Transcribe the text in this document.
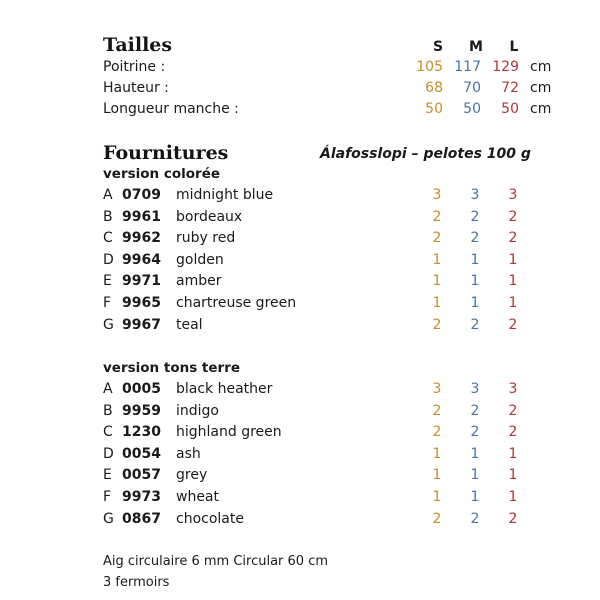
Tailles	S	M	L
Poitrine :	105 117 129 cm
Hauteur :	68	70	72 cm
Longueur manche :	50	50	50 cm
Fournitures	Álafosslopi – pelotes 100 g
version colorée
A 0709 midnight blue	3	3	3
B 9961 bordeaux	2	2	2
C 9962 ruby red	2	2	2
D 9964 golden	1	1	1
E 9971 amber	1	1	1
F 9965 chartreuse green	1	1	1
G 9967 teal	2	2	2
version tons terre
A 0005 black heather	3	3	3
B 9959 indigo	2	2	2
C 1230 highland green	2	2	2
D 0054 ash	1	1	1
E 0057 grey	1	1	1
F 9973 wheat	1	1	1
G 0867 chocolate	2	2	2
Aig circulaire 6 mm Circular 60 cm
3 fermoirs
